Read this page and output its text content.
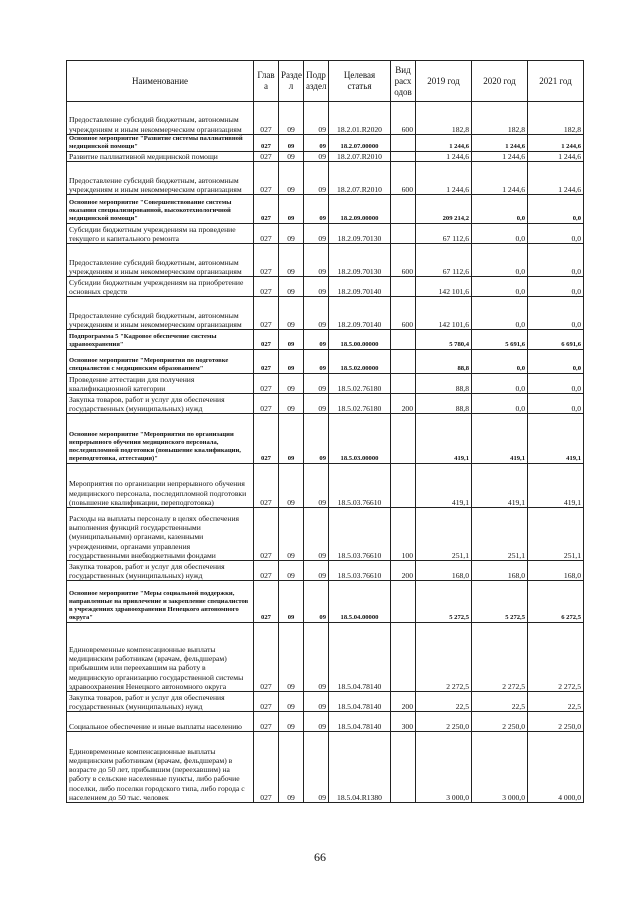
Наименование	Глав а	Разде л	Подр аздел	Целевая статья	Вид расх одов	2019 год	2020 год	2021 год
Предоставление субсидий бюджетным, автономным учреждениям и иным некоммерческим организациям	027	09	09	18.2.01.R2020	600	182,8	182,8	182,8
Основное мероприятие "Развитие системы паллиативной медицинской помощи"	027	09	09	18.2.07.00000		1 244,6	1 244,6	1 244,6
Развитие паллиативной медицинской помощи	027	09	09	18.2.07.R2010		1 244,6	1 244,6	1 244,6
Предоставление субсидий бюджетным, автономным учреждениям и иным некоммерческим организациям	027	09	09	18.2.07.R2010	600	1 244,6	1 244,6	1 244,6
Основное мероприятие "Совершенствование системы оказания специализированной, высокотехнологичной медицинской помощи"	027	09	09	18.2.09.00000		209 214,2	0,0	0,0
Субсидии бюджетным учреждениям на проведение текущего и капитального ремонта	027	09	09	18.2.09.70130		67 112,6	0,0	0,0
Предоставление субсидий бюджетным, автономным учреждениям и иным некоммерческим организациям	027	09	09	18.2.09.70130	600	67 112,6	0,0	0,0
Субсидии бюджетным учреждениям на приобретение основных средств	027	09	09	18.2.09.70140		142 101,6	0,0	0,0
Предоставление субсидий бюджетным, автономным учреждениям и иным некоммерческим организациям	027	09	09	18.2.09.70140	600	142 101,6	0,0	0,0
Подпрограмма 5 "Кадровое обеспечение системы здравоохранения"	027	09	09	18.5.00.00000		5 780,4	5 691,6	6 691,6
Основное мероприятие "Мероприятия по подготовке специалистов с медицинским образованием"	027	09	09	18.5.02.00000		88,8	0,0	0,0
Проведение аттестации для получения квалификационной категории	027	09	09	18.5.02.76180		88,8	0,0	0,0
Закупка товаров, работ и услуг для обеспечения государственных (муниципальных) нужд	027	09	09	18.5.02.76180	200	88,8	0,0	0,0
Основное мероприятие "Мероприятия по организации непрерывного обучения медицинского персонала, последипломной подготовки (повышение квалификации, переподготовка, аттестация)"	027	09	09	18.5.03.00000		419,1	419,1	419,1
Мероприятия по организации непрерывного обучения медицинского персонала, последипломной подготовки (повышение квалификации, переподготовка)	027	09	09	18.5.03.76610		419,1	419,1	419,1
Расходы на выплаты персоналу в целях обеспечения выполнения функций государственными (муниципальными) органами, казенными учреждениями, органами управления государственными внебюджетными фондами	027	09	09	18.5.03.76610	100	251,1	251,1	251,1
Закупка товаров, работ и услуг для обеспечения государственных (муниципальных) нужд	027	09	09	18.5.03.76610	200	168,0	168,0	168,0
Основное мероприятие "Меры социальной поддержки, направленные на привлечение и закрепление специалистов в учреждениях здравоохранения Ненецкого автономного округа"	027	09	09	18.5.04.00000		5 272,5	5 272,5	6 272,5
Единовременные компенсационные выплаты медицинским работникам (врачам, фельдшерам) прибывшим или переехавшим на работу в медицинскую организацию государственной системы здравоохранения Ненецкого автономного округа	027	09	09	18.5.04.78140		2 272,5	2 272,5	2 272,5
Закупка товаров, работ и услуг для обеспечения государственных (муниципальных) нужд	027	09	09	18.5.04.78140	200	22,5	22,5	22,5
Социальное обеспечение и иные выплаты населению	027	09	09	18.5.04.78140	300	2 250,0	2 250,0	2 250,0
Единовременные компенсационные выплаты медицинским работникам (врачам, фельдшерам) в возрасте до 50 лет, прибывшим (переехавшим) на работу в сельские населенные пункты, либо рабочие поселки, либо поселки городского типа, либо города с населением до 50 тыс. человек	027	09	09	18.5.04.R1380		3 000,0	3 000,0	4 000,0
66
